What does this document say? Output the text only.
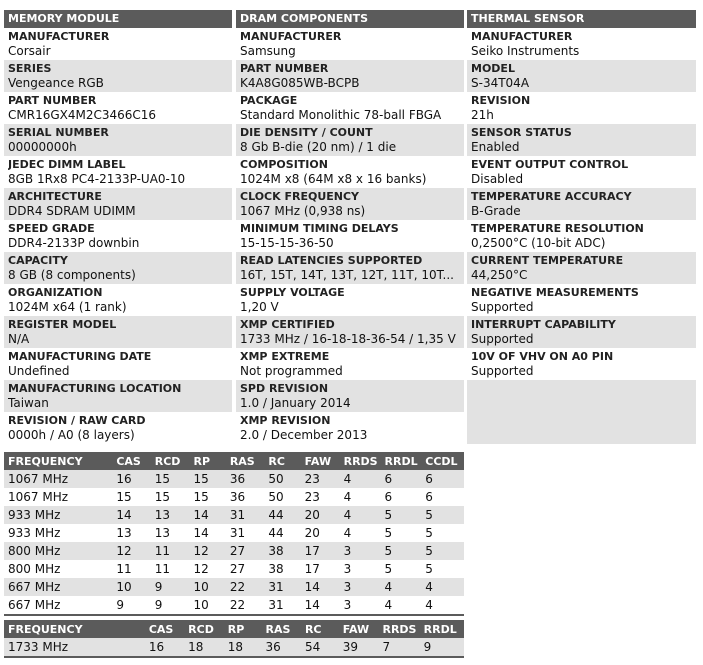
MEMORY MODULE
MANUFACTURER
Corsair
SERIES
Vengeance RGB
PART NUMBER
CMR16GX4M2C3466C16
SERIAL NUMBER
00000000h
JEDEC DIMM LABEL
8GB 1Rx8 PC4-2133P-UA0-10
ARCHITECTURE
DDR4 SDRAM UDIMM
SPEED GRADE
DDR4-2133P downbin
CAPACITY
8 GB (8 components)
ORGANIZATION
1024M x64 (1 rank)
REGISTER MODEL
N/A
MANUFACTURING DATE
Undefined
MANUFACTURING LOCATION
Taiwan
REVISION / RAW CARD
0000h / A0 (8 layers)
DRAM COMPONENTS
MANUFACTURER
Samsung
PART NUMBER
K4A8G085WB-BCPB
PACKAGE
Standard Monolithic 78-ball FBGA
DIE DENSITY / COUNT
8 Gb B-die (20 nm) / 1 die
COMPOSITION
1024M x8 (64M x8 x 16 banks)
CLOCK FREQUENCY
1067 MHz (0,938 ns)
MINIMUM TIMING DELAYS
15-15-15-36-50
READ LATENCIES SUPPORTED
16T, 15T, 14T, 13T, 12T, 11T, 10T...
SUPPLY VOLTAGE
1,20 V
XMP CERTIFIED
1733 MHz / 16-18-18-36-54 / 1,35 V
XMP EXTREME
Not programmed
SPD REVISION
1.0 / January 2014
XMP REVISION
2.0 / December 2013
THERMAL SENSOR
MANUFACTURER
Seiko Instruments
MODEL
S-34T04A
REVISION
21h
SENSOR STATUS
Enabled
EVENT OUTPUT CONTROL
Disabled
TEMPERATURE ACCURACY
B-Grade
TEMPERATURE RESOLUTION
0,2500°C (10-bit ADC)
CURRENT TEMPERATURE
44,250°C
NEGATIVE MEASUREMENTS
Supported
INTERRUPT CAPABILITY
Supported
10V OF VHV ON A0 PIN
Supported
FREQUENCY	CAS	RCD	RP	RAS	RC	FAW	RRDS	RRDL	CCDL
1067 MHz	16	15	15	36	50	23	4	6	6
1067 MHz	15	15	15	36	50	23	4	6	6
933 MHz	14	13	14	31	44	20	4	5	5
933 MHz	13	13	14	31	44	20	4	5	5
800 MHz	12	11	12	27	38	17	3	5	5
800 MHz	11	11	12	27	38	17	3	5	5
667 MHz	10	9	10	22	31	14	3	4	4
667 MHz	9	9	10	22	31	14	3	4	4
FREQUENCY	CAS	RCD	RP	RAS	RC	FAW	RRDS	RRDL
1733 MHz	16	18	18	36	54	39	7	9
